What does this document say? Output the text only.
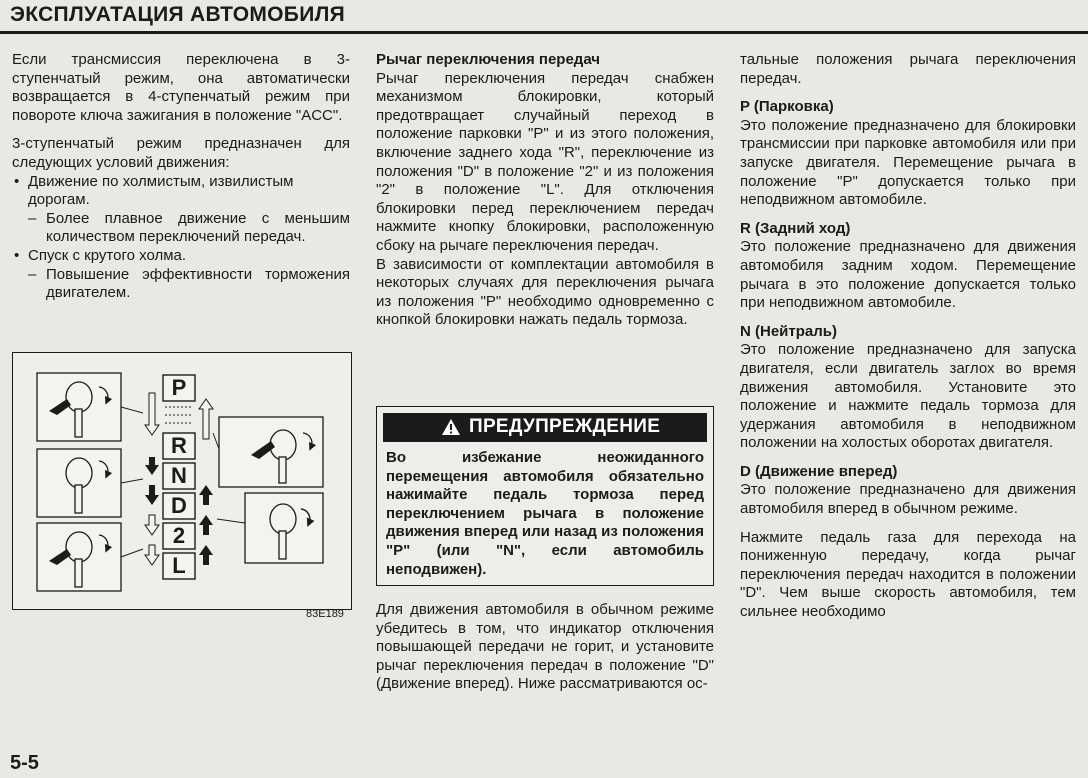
ЭКСПЛУАТАЦИЯ АВТОМОБИЛЯ

Если трансмиссия переключена в 3-ступенчатый режим, она автоматически возвращается в 4-ступенчатый режим при повороте ключа зажигания в положение "ACC".

3-ступенчатый режим предназначен для следующих условий движения:

• Движение по холмистым, извилистым дорогам.
– Более плавное движение с меньшим количеством переключений передач.
• Спуск с крутого холма.
– Повышение эффективности торможения двигателем.
P
R
N
D
2
L
83E189

Рычаг переключения передач

Рычаг переключения передач снабжен механизмом блокировки, который предотвращает случайный переход в положение парковки "P" и из этого положения, включение заднего хода "R", переключение из положения "D" в положение "2" и из положения "2" в положение "L". Для отключения блокировки перед переключением передач нажмите кнопку блокировки, расположенную сбоку на рычаге переключения передач.

В зависимости от комплектации автомобиля в некоторых случаях для переключения рычага из положения "P" необходимо одновременно с кнопкой блокировки нажать педаль тормоза.

ПРЕДУПРЕЖДЕНИЕ

Во избежание неожиданного перемещения автомобиля обязательно нажимайте педаль тормоза перед переключением рычага в положение движения вперед или назад из положения "P" (или "N", если автомобиль неподвижен).

Для движения автомобиля в обычном режиме убедитесь в том, что индикатор отключения повышающей передачи не горит, и установите рычаг переключения передач в положение "D" (Движение вперед). Ниже рассматриваются ос-

тальные положения рычага переключения передач.

P (Парковка)

Это положение предназначено для блокировки трансмиссии при парковке автомобиля или при запуске двигателя. Перемещение рычага в положение "P" допускается только при неподвижном автомобиле.

R (Задний ход)

Это положение предназначено для движения автомобиля задним ходом. Перемещение рычага в это положение допускается только при неподвижном автомобиле.

N (Нейтраль)

Это положение предназначено для запуска двигателя, если двигатель заглох во время движения автомобиля. Установите это положение и нажмите педаль тормоза для удержания автомобиля в неподвижном положении на холостых оборотах двигателя.

D (Движение вперед)

Это положение предназначено для движения автомобиля вперед в обычном режиме.

Нажмите педаль газа для перехода на пониженную передачу, когда рычаг переключения передач находится в положении "D". Чем выше скорость автомобиля, тем сильнее необходимо

5-5
